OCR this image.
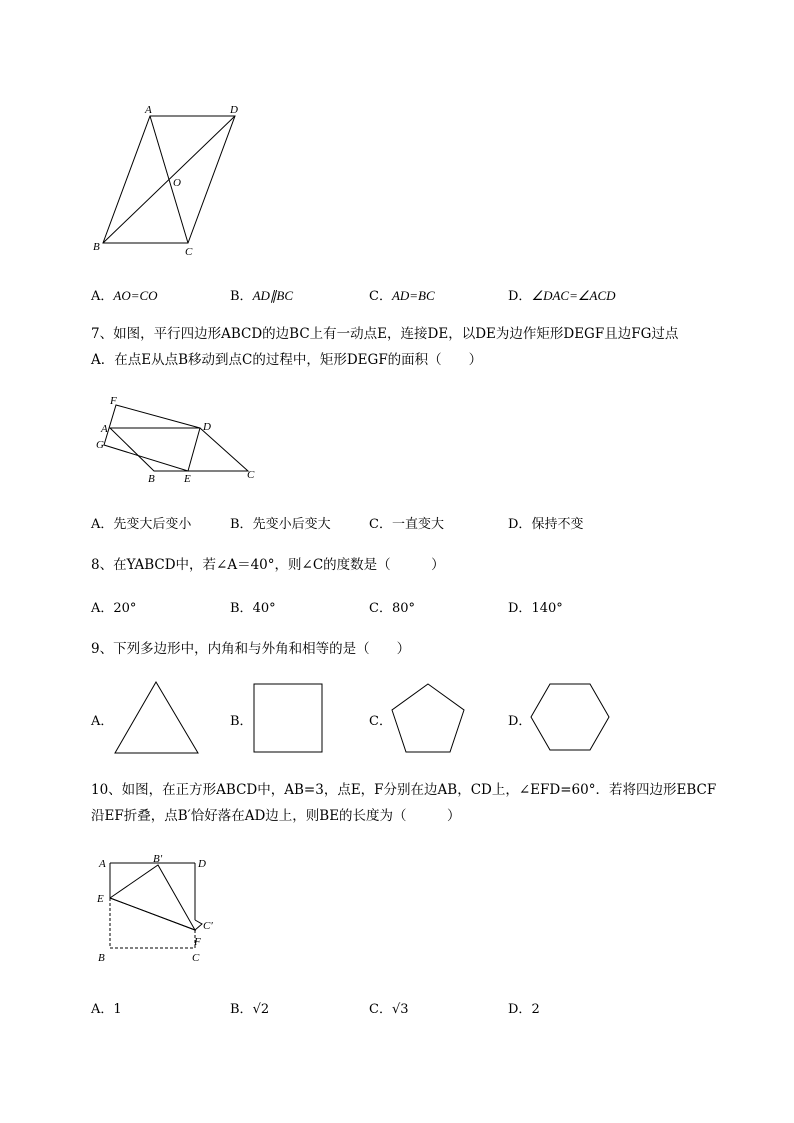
A	D
O
B	C
A．AO=CO	B．AD∥BC	C．AD=BC	D．∠DAC=∠ACD
7、如图，平行四边形ABCD的边BC上有一动点E，连接DE，以DE为边作矩形DEGF且边FG过点
A．在点E从点B移动到点C的过程中，矩形DEGF的面积（　　）
F
A
G
D
B	E	C
A．先变大后变小	B．先变小后变大	C．一直变大	D．保持不变
8、在YABCD中，若∠A＝40°，则∠C的度数是（　　　）
A．20°	B．40°	C．80°	D．140°
9、下列多边形中，内角和与外角和相等的是（　　）
A．	B．	C．	D．
10、如图，在正方形ABCD中，AB=3，点E，F分别在边AB，CD上，∠EFD=60°．若将四边形EBCF
沿EF折叠，点B′恰好落在AD边上，则BE的长度为（　　　）
A	B′	D
E
C′
F
B	C
A．1	B．√2	C．√3	D．2
